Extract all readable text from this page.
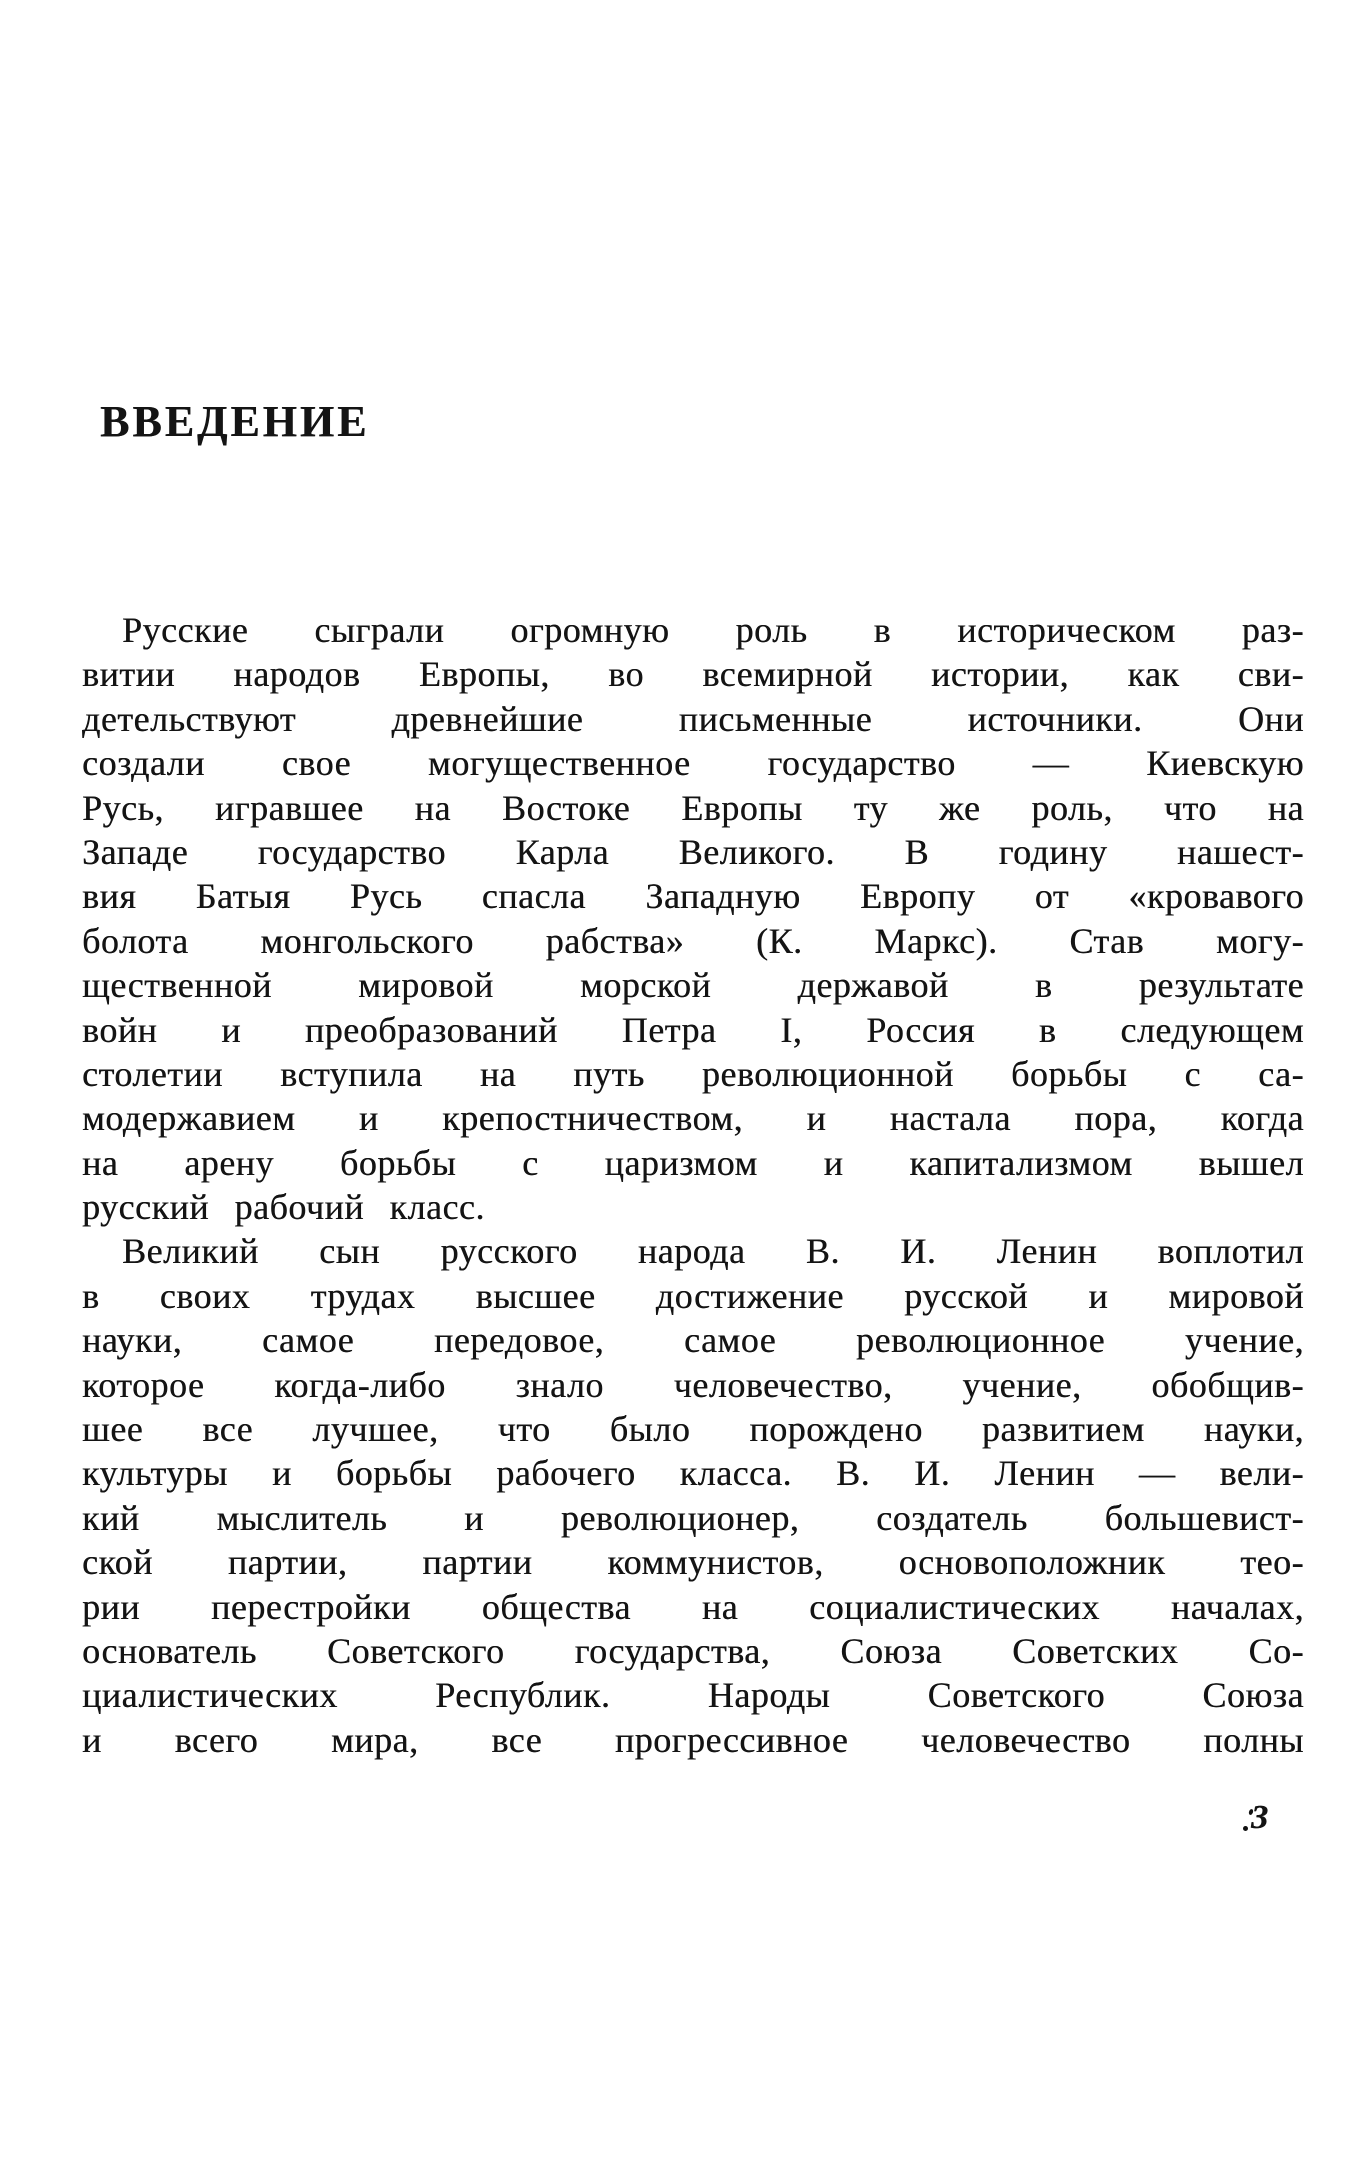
ВВЕДЕНИЕ
Русские сыграли огромную роль в историческом раз-
витии народов Европы, во всемирной истории, как сви-
детельствуют древнейшие письменные источники. Они
создали свое могущественное государство — Киевскую
Русь, игравшее на Востоке Европы ту же роль, что на
Западе государство Карла Великого. В годину нашест-
вия Батыя Русь спасла Западную Европу от «кровавого
болота монгольского рабства» (К. Маркс). Став могу-
щественной мировой морской державой в результате
войн и преобразований Петра I, Россия в следующем
столетии вступила на путь революционной борьбы с са-
модержавием и крепостничеством, и настала пора, когда
на арену борьбы с царизмом и капитализмом вышел
русский рабочий класс.
Великий сын русского народа В. И. Ленин воплотил
в своих трудах высшее достижение русской и мировой
науки, самое передовое, самое революционное учение,
которое когда-либо знало человечество, учение, обобщив-
шее все лучшее, что было порождено развитием науки,
культуры и борьбы рабочего класса. В. И. Ленин — вели-
кий мыслитель и революционер, создатель большевист-
ской партии, партии коммунистов, основоположник тео-
рии перестройки общества на социалистических началах,
основатель Советского государства, Союза Советских Со-
циалистических Республик. Народы Советского Союза
и всего мира, все прогрессивное человечество полны
3
